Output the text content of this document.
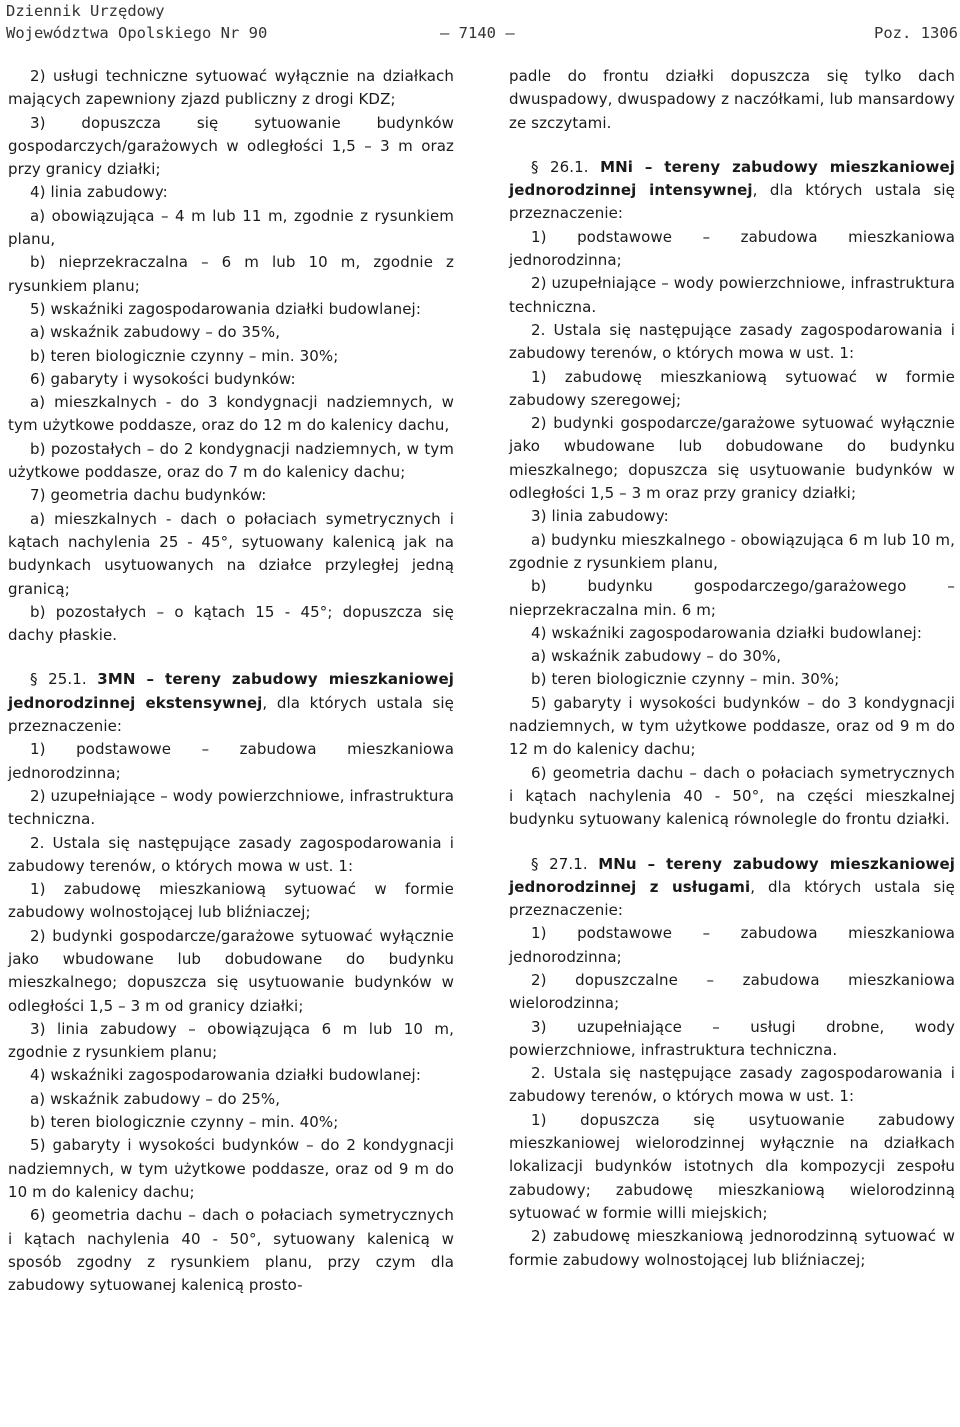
Dziennik Urzędowy
Województwa Opolskiego Nr 90	– 7140 –	Poz. 1306

2) usługi techniczne sytuować wyłącznie na działkach mających zapewniony zjazd publiczny z drogi KDZ;

3) dopuszcza się sytuowanie budynków gospodarczych/garażowych w odległości 1,5 – 3 m oraz przy granicy działki;

4) linia zabudowy:

a) obowiązująca – 4 m lub 11 m, zgodnie z rysunkiem planu,

b) nieprzekraczalna – 6 m lub 10 m, zgodnie z rysunkiem planu;

5) wskaźniki zagospodarowania działki budowlanej:

a) wskaźnik zabudowy – do 35%,

b) teren biologicznie czynny – min. 30%;

6) gabaryty i wysokości budynków:

a) mieszkalnych - do 3 kondygnacji nadziemnych, w tym użytkowe poddasze, oraz do 12 m do kalenicy dachu,

b) pozostałych – do 2 kondygnacji nadziemnych, w tym użytkowe poddasze, oraz do 7 m do kalenicy dachu;

7) geometria dachu budynków:

a) mieszkalnych - dach o połaciach symetrycznych i kątach nachylenia 25 - 45°, sytuowany kalenicą jak na budynkach usytuowanych na działce przyległej jedną granicą;

b) pozostałych – o kątach 15 - 45°; dopuszcza się dachy płaskie.

§ 25.1. 3MN – tereny zabudowy mieszkaniowej jednorodzinnej ekstensywnej, dla których ustala się przeznaczenie:

1) podstawowe – zabudowa mieszkaniowa jednorodzinna;

2) uzupełniające – wody powierzchniowe, infrastruktura techniczna.

2. Ustala się następujące zasady zagospodarowania i zabudowy terenów, o których mowa w ust. 1:

1) zabudowę mieszkaniową sytuować w formie zabudowy wolnostojącej lub bliźniaczej;

2) budynki gospodarcze/garażowe sytuować wyłącznie jako wbudowane lub dobudowane do budynku mieszkalnego; dopuszcza się usytuowanie budynków w odległości 1,5 – 3 m od granicy działki;

3) linia zabudowy – obowiązująca 6 m lub 10 m, zgodnie z rysunkiem planu;

4) wskaźniki zagospodarowania działki budowlanej:

a) wskaźnik zabudowy – do 25%,

b) teren biologicznie czynny – min. 40%;

5) gabaryty i wysokości budynków – do 2 kondygnacji nadziemnych, w tym użytkowe poddasze, oraz od 9 m do 10 m do kalenicy dachu;

6) geometria dachu – dach o połaciach symetrycznych i kątach nachylenia 40 - 50°, sytuowany kalenicą w sposób zgodny z rysunkiem planu, przy czym dla zabudowy sytuowanej kalenicą prosto-

padle do frontu działki dopuszcza się tylko dach dwuspadowy, dwuspadowy z naczółkami, lub mansardowy ze szczytami.

§ 26.1. MNi – tereny zabudowy mieszkaniowej jednorodzinnej intensywnej, dla których ustala się przeznaczenie:

1) podstawowe – zabudowa mieszkaniowa jednorodzinna;

2) uzupełniające – wody powierzchniowe, infrastruktura techniczna.

2. Ustala się następujące zasady zagospodarowania i zabudowy terenów, o których mowa w ust. 1:

1) zabudowę mieszkaniową sytuować w formie zabudowy szeregowej;

2) budynki gospodarcze/garażowe sytuować wyłącznie jako wbudowane lub dobudowane do budynku mieszkalnego; dopuszcza się usytuowanie budynków w odległości 1,5 – 3 m oraz przy granicy działki;

3) linia zabudowy:

a) budynku mieszkalnego - obowiązująca 6 m lub 10 m, zgodnie z rysunkiem planu,

b) budynku gospodarczego/garażowego – nieprzekraczalna min. 6 m;

4) wskaźniki zagospodarowania działki budowlanej:

a) wskaźnik zabudowy – do 30%,

b) teren biologicznie czynny – min. 30%;

5) gabaryty i wysokości budynków – do 3 kondygnacji nadziemnych, w tym użytkowe poddasze, oraz od 9 m do 12 m do kalenicy dachu;

6) geometria dachu – dach o połaciach symetrycznych i kątach nachylenia 40 - 50°, na części mieszkalnej budynku sytuowany kalenicą równolegle do frontu działki.

§ 27.1. MNu – tereny zabudowy mieszkaniowej jednorodzinnej z usługami, dla których ustala się przeznaczenie:

1) podstawowe – zabudowa mieszkaniowa jednorodzinna;

2) dopuszczalne – zabudowa mieszkaniowa wielorodzinna;

3) uzupełniające – usługi drobne, wody powierzchniowe, infrastruktura techniczna.

2. Ustala się następujące zasady zagospodarowania i zabudowy terenów, o których mowa w ust. 1:

1) dopuszcza się usytuowanie zabudowy mieszkaniowej wielorodzinnej wyłącznie na działkach lokalizacji budynków istotnych dla kompozycji zespołu zabudowy; zabudowę mieszkaniową wielorodzinną sytuować w formie willi miejskich;

2) zabudowę mieszkaniową jednorodzinną sytuować w formie zabudowy wolnostojącej lub bliźniaczej;
